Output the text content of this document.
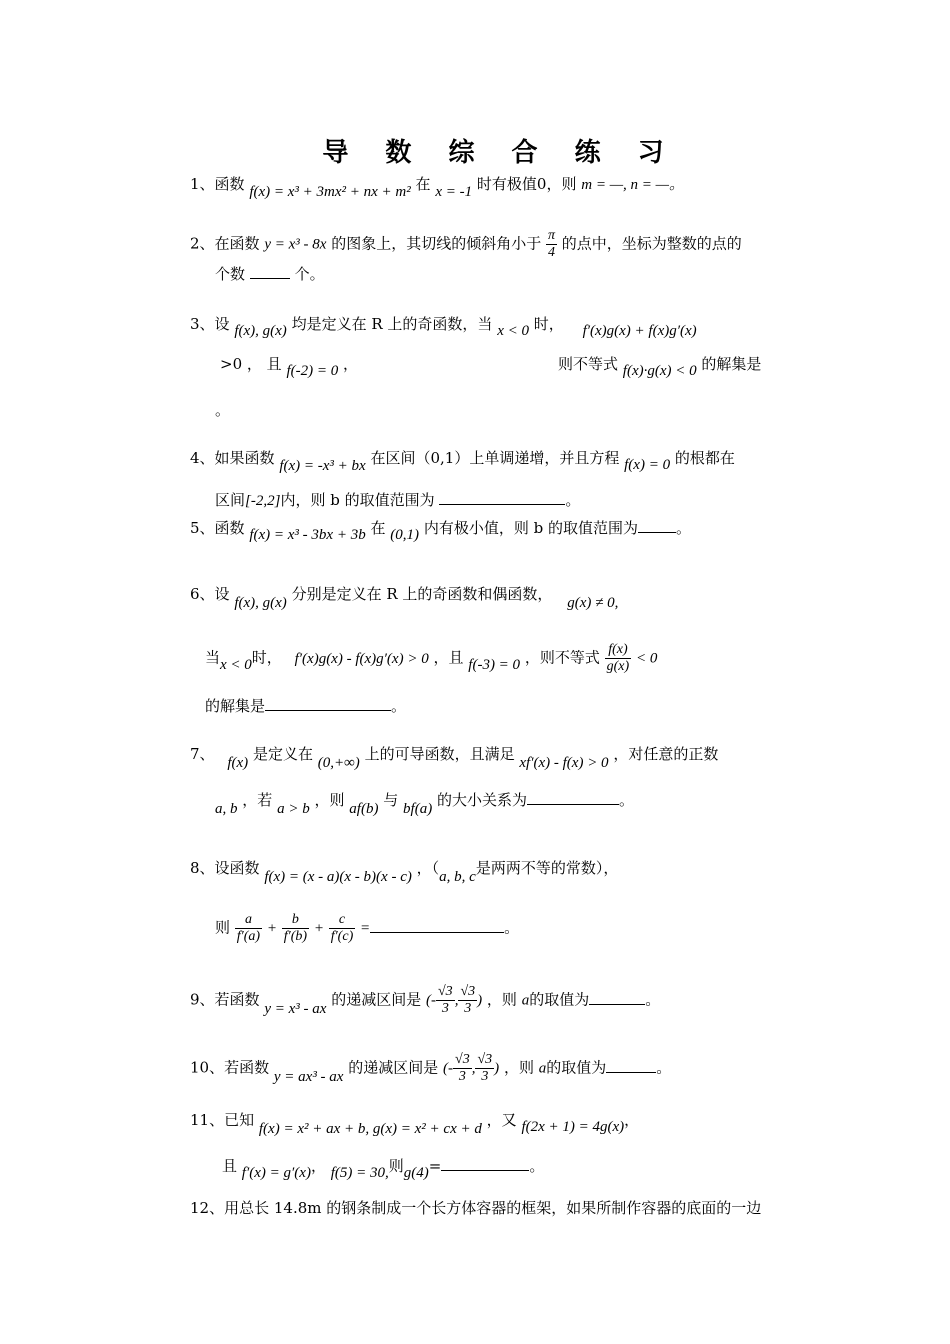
导 数 综 合 练 习
1、函数 f(x) = x³ + 3mx² + nx + m² 在 x = -1 时有极值0，则 m = —, n = —。
2、在函数 y = x³ - 8x 的图象上，其切线的倾斜角小于 $\frac{\pi}{4}$ 的点中，坐标为整数的点的
个数	个。
3、设 f(x), g(x) 均是定义在 R 上的奇函数，当 x < 0 时， f′(x)g(x) + f(x)g′(x)
>0 ， 且 f(-2) = 0 ，	则不等式 f(x)·g(x) < 0 的解集是
。
4、如果函数 f(x) = -x³ + bx 在区间（0,1）上单调递增，并且方程 f(x) = 0 的根都在
区间[-2,2]内，则 b 的取值范围为	。
5、函数 f(x) = x³ - 3bx + 3b 在 (0,1) 内有极小值，则 b 的取值范围为	。
6、设 f(x), g(x) 分别是定义在 R 上的奇函数和偶函数， g(x) ≠ 0,
当x < 0时， f′(x)g(x) - f(x)g′(x) > 0 ，且 f(-3) = 0 ，则不等式 $\frac{f(x)}{g(x)} < 0$
的解集是	。
7、 f(x) 是定义在 (0,+∞) 上的可导函数，且满足 xf′(x) - f(x) > 0 ，对任意的正数
a, b ，若 a > b ，则 af(b) 与 bf(a) 的大小关系为	。
8、设函数 f(x) = (x - a)(x - b)(x - c) ，（a, b, c是两两不等的常数），
则 $\frac{a}{f'(a)} + \frac{b}{f'(b)} + \frac{c}{f'(c)}$ =	。
9、若函数 y = x³ - ax 的递减区间是 (- $\frac{√3}{3}$ , $\frac{√3}{3}$ ) ，则 a的取值为	。
10、若函数 y = ax³ - ax 的递减区间是 (- $\frac{√3}{3}$ , $\frac{√3}{3}$ ) ，则 a的取值为	。
11、已知 f(x) = x² + ax + b, g(x) = x² + cx + d ，又 f(2x + 1) = 4g(x)，
且 f′(x) = g′(x)， f(5) = 30,则g(4)=	。
12、用总长 14.8m 的钢条制成一个长方体容器的框架，如果所制作容器的底面的一边
